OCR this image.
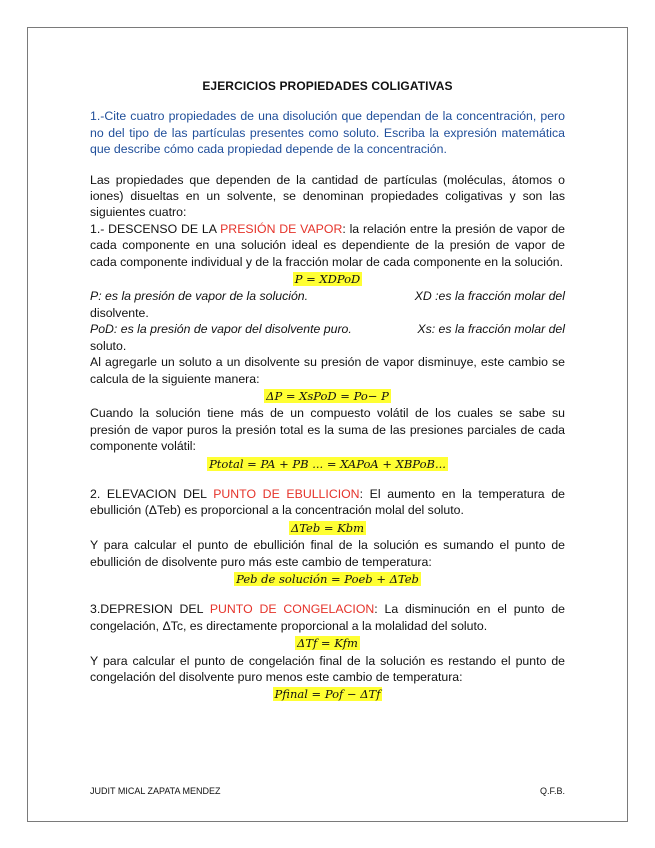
EJERCICIOS PROPIEDADES COLIGATIVAS

1.-Cite cuatro propiedades de una disolución que dependan de la concentración, pero no del tipo de las partículas presentes como soluto. Escriba la expresión matemática que describe cómo cada propiedad depende de la concentración.

Las propiedades que dependen de la cantidad de partículas (moléculas, átomos o iones) disueltas en un solvente, se denominan propiedades coligativas y son las siguientes cuatro:

1.- DESCENSO DE LA PRESIÓN DE VAPOR: la relación entre la presión de vapor de cada componente en una solución ideal es dependiente de la presión de vapor de cada componente individual y de la fracción molar de cada componente en la solución.

P = XDPoD
P: es la presión de vapor de la solución.	XD :es la fracción molar del

disolvente.

PoD: es la presión de vapor del disolvente puro.	Xs: es la fracción molar del

soluto.

Al agregarle un soluto a un disolvente su presión de vapor disminuye, este cambio se calcula de la siguiente manera:

ΔP = XsPoD = Po− P

Cuando la solución tiene más de un compuesto volátil de los cuales se sabe su presión de vapor puros la presión total es la suma de las presiones parciales de cada componente volátil:

Ptotal = PA + PB ... = XAPoA + XBPoB...

2. ELEVACION DEL PUNTO DE EBULLICION: El aumento en la temperatura de ebullición (ΔTeb) es proporcional a la concentración molal del soluto.

ΔTeb = Kbm

Y para calcular el punto de ebullición final de la solución es sumando el punto de ebullición de disolvente puro más este cambio de temperatura:

Peb de solución = Poeb + ΔTeb

3.DEPRESION DEL PUNTO DE CONGELACION: La disminución en el punto de congelación, ΔTc, es directamente proporcional a la molalidad del soluto.

ΔTf = Kfm

Y para calcular el punto de congelación final de la solución es restando el punto de congelación del disolvente puro menos este cambio de temperatura:

Pfinal = Pof − ΔTf
JUDIT MICAL ZAPATA MENDEZ	Q.F.B.
